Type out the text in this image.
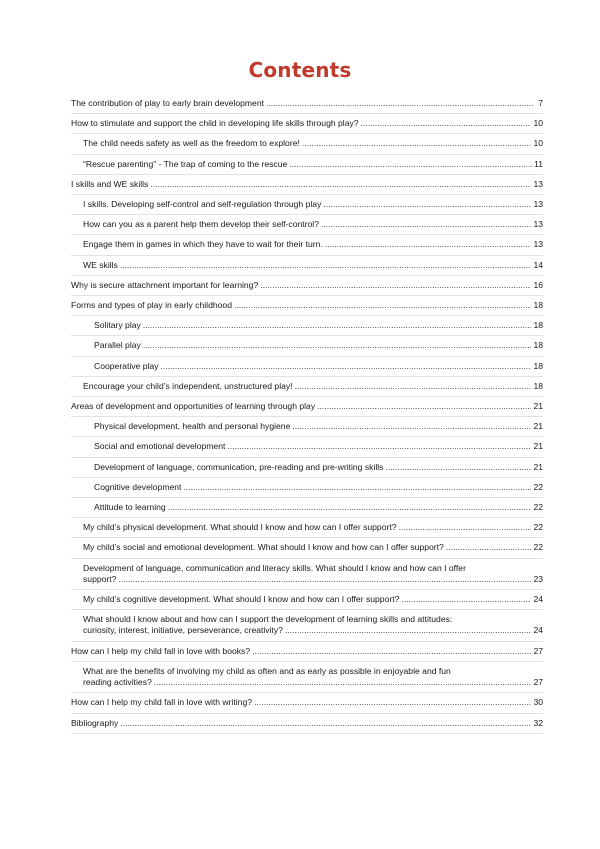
Contents
The contribution of play to early brain development .....	7
How to stimulate and support the child in developing life skills through play? .....	10
The child needs safety as well as the freedom to explore! .....	10
“Rescue parenting” - The trap of coming to the rescue .....	11
I skills and WE skills .....	13
I skills. Developing self-control and self-regulation through play .....	13
How can you as a parent help them develop their self-control? .....	13
Engage them in games in which they have to wait for their turn. .....	13
WE skills .....	14
Why is secure attachment important for learning? .....	16
Forms and types of play in early childhood .....	18
Solitary play .....	18
Parallel play .....	18
Cooperative play .....	18
Encourage your child’s independent, unstructured play! .....	18
Areas of development and opportunities of learning through play .....	21
Physical development, health and personal hygiene .....	21
Social and emotional development .....	21
Development of language, communication, pre-reading and pre-writing skills .....	21
Cognitive development .....	22
Attitude to learning .....	22
My child’s physical development. What should I know and how can I offer support? .....	22
My child’s social and emotional development. What should I know and how can I offer support? .....	22
Development of language, communication and literacy skills. What should I know and how can I offer
support? .....	23
My child’s cognitive development. What should I know and how can I offer support? .....	24
What should I know about and how can I support the development of learning skills and attitudes:
curiosity, interest, initiative, perseverance, creativity? .....	24
How can I help my child fall in love with books? .....	27
What are the benefits of involving my child as often and as early as possible in enjoyable and fun
reading activities? .....	27
How can I help my child fall in love with writing? .....	30
Bibliography .....	32
